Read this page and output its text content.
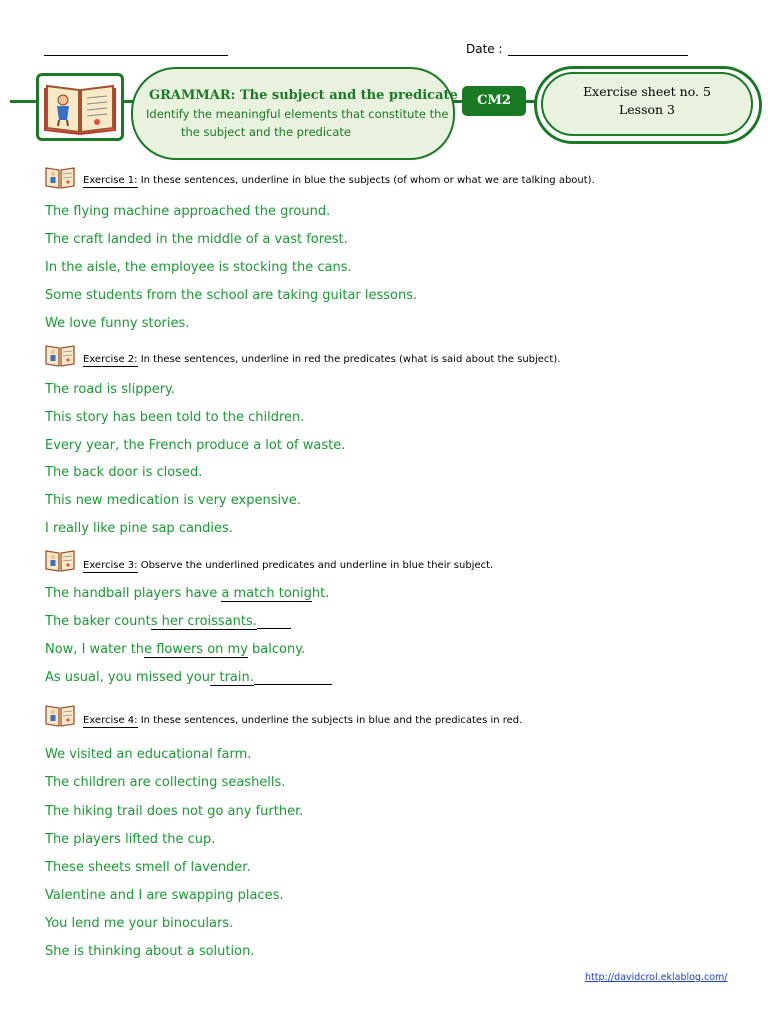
Date :
GRAMMAR: The subject and the predicate
Identify the meaningful elements that constitute the
the subject and the predicate
CM2
Exercise sheet no. 5
Lesson 3
Exercise 1: In these sentences, underline in blue the subjects (of whom or what we are talking about).
The flying machine approached the ground.
The craft landed in the middle of a vast forest.
In the aisle, the employee is stocking the cans.
Some students from the school are taking guitar lessons.
We love funny stories.
Exercise 2: In these sentences, underline in red the predicates (what is said about the subject).
The road is slippery.
This story has been told to the children.
Every year, the French produce a lot of waste.
The back door is closed.
This new medication is very expensive.
I really like pine sap candies.
Exercise 3: Observe the underlined predicates and underline in blue their subject.
The handball players have a match tonight.
The baker counts her croissants.
Now, I water the flowers on my balcony.
As usual, you missed your train.
Exercise 4: In these sentences, underline the subjects in blue and the predicates in red.
We visited an educational farm.
The children are collecting seashells.
The hiking trail does not go any further.
The players lifted the cup.
These sheets smell of lavender.
Valentine and I are swapping places.
You lend me your binoculars.
She is thinking about a solution.
http://davidcrol.eklablog.com/
